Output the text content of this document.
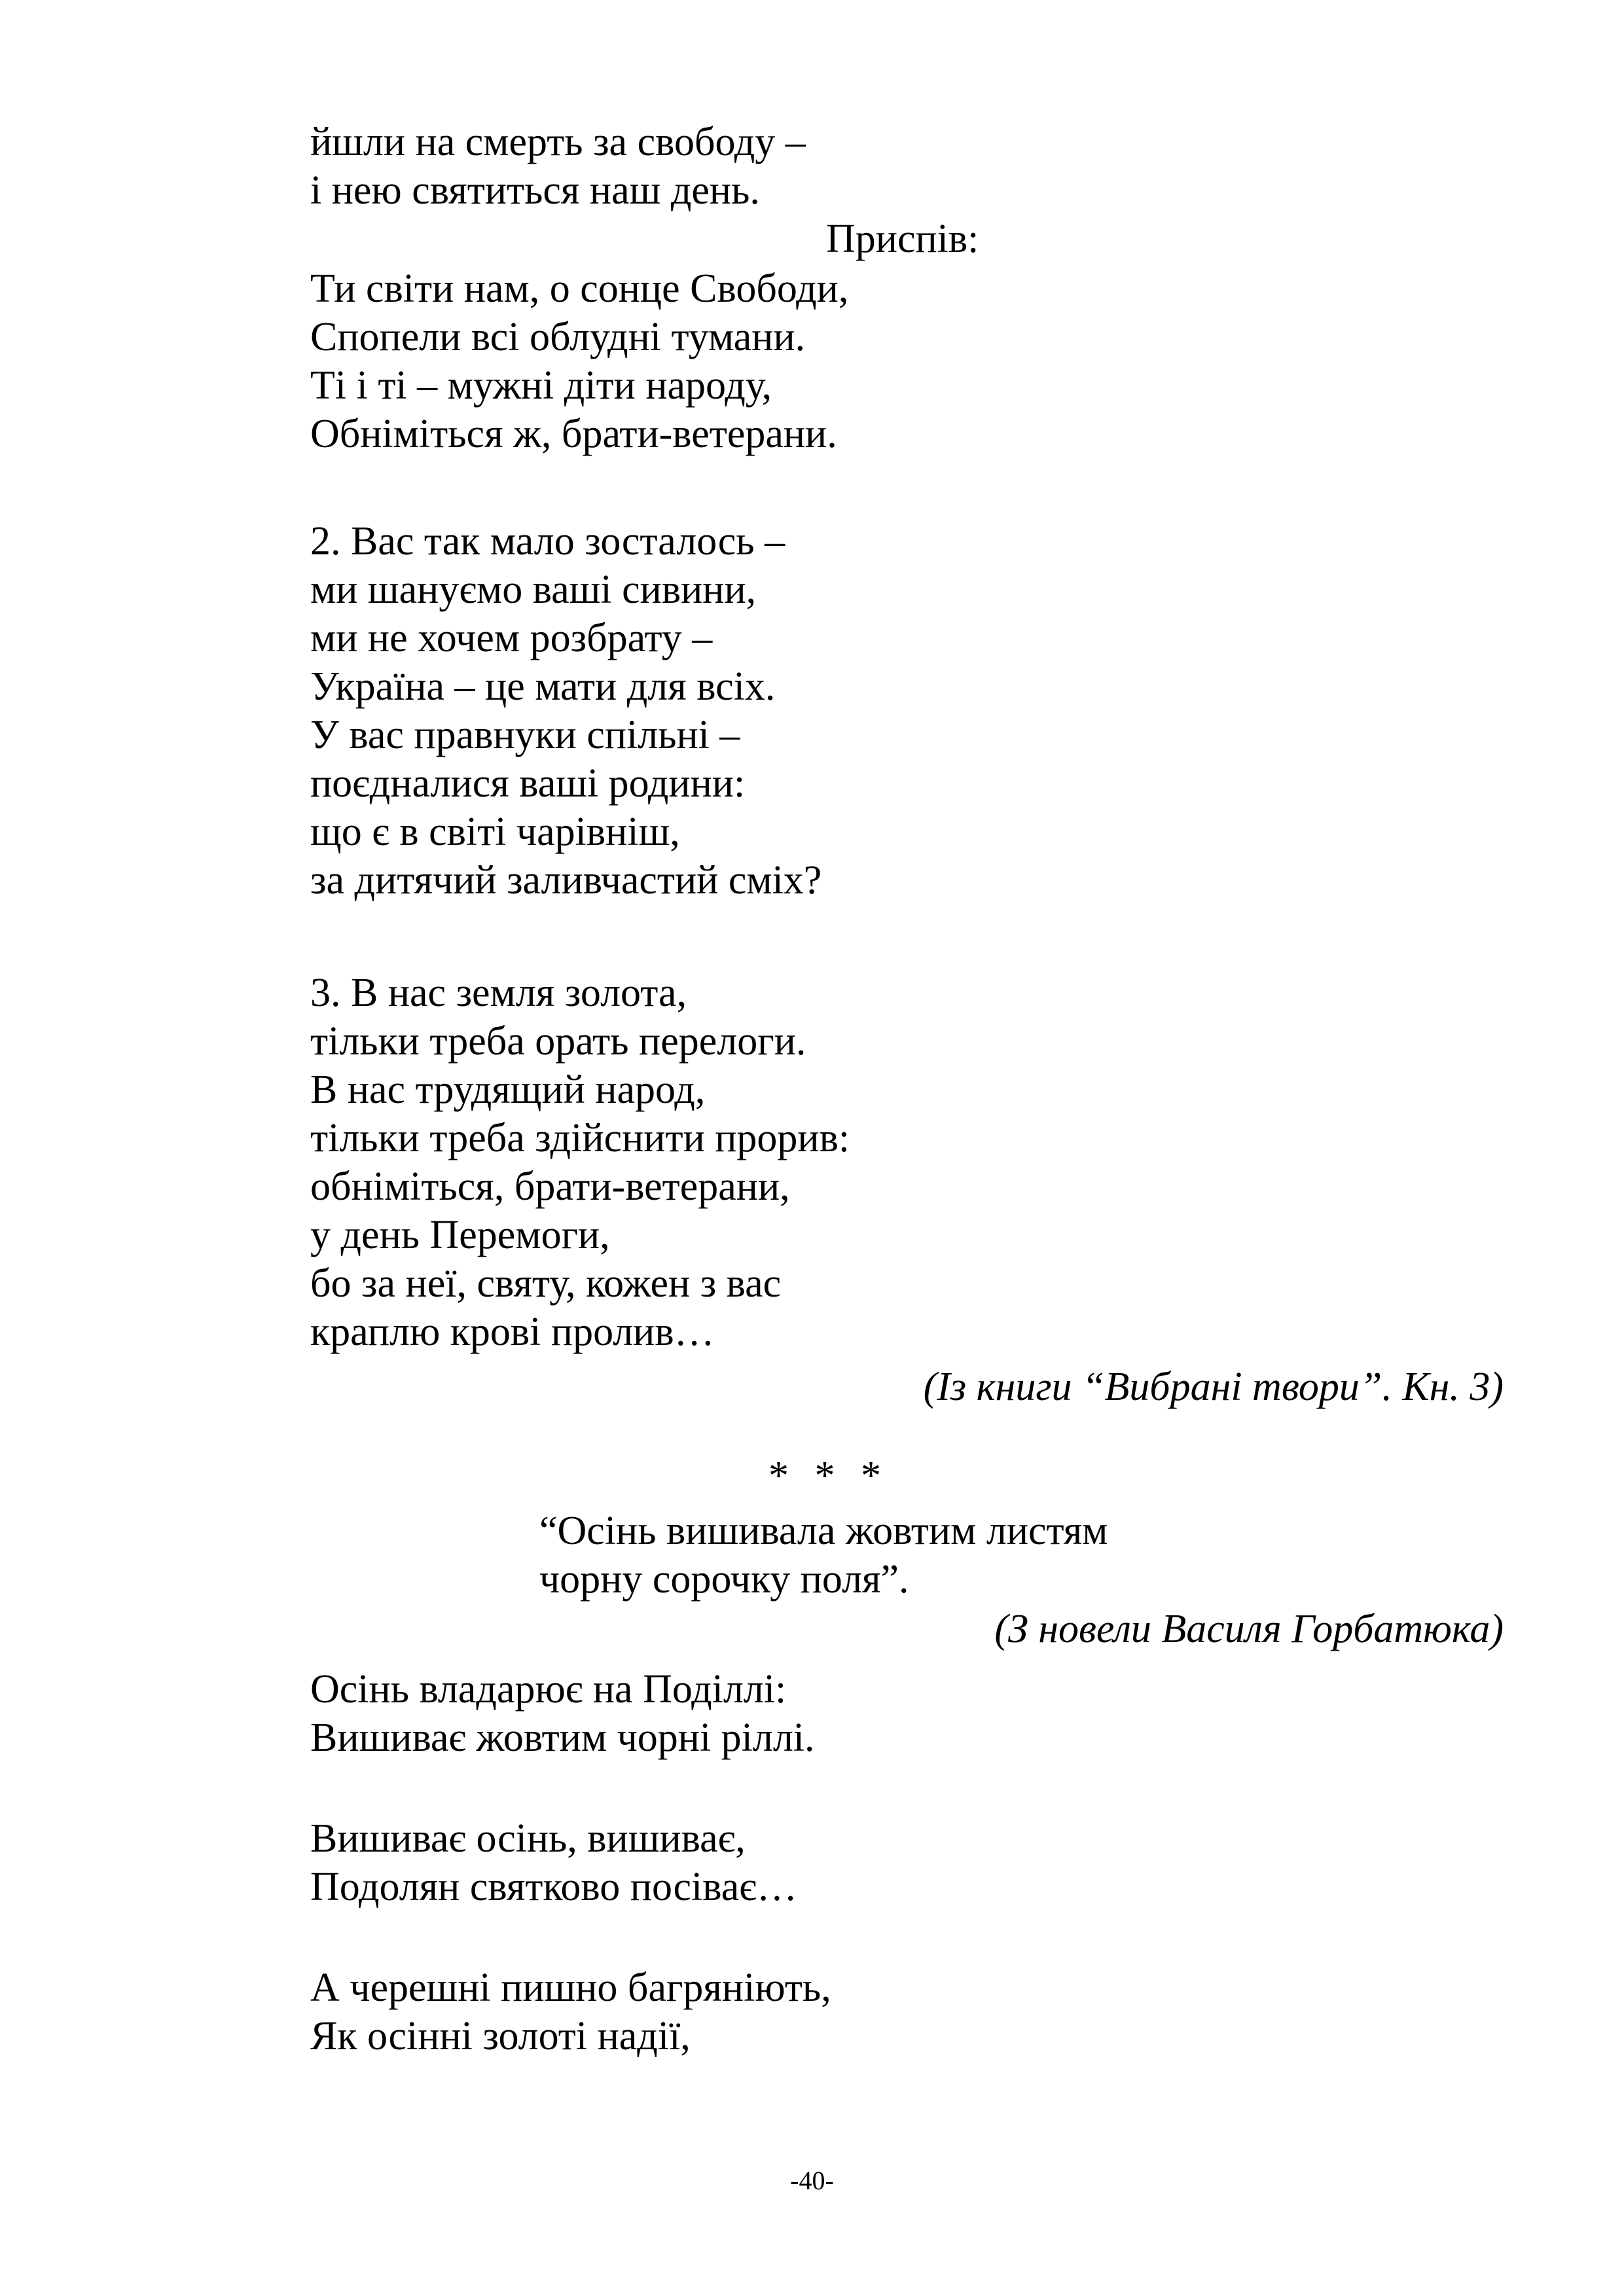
йшли на смерть за свободу –
і нею святиться наш день.
Приспів:
Ти світи нам, о сонце Свободи,
Спопели всі облудні тумани.
Ті і ті – мужні діти народу,
Обніміться ж, брати-ветерани.
2. Вас так мало зосталось –
ми шануємо ваші сивини,
ми не хочем розбрату –
Україна – це мати для всіх.
У вас правнуки спільні –
поєдналися ваші родини:
що є в світі чарівніш,
за дитячий заливчастий сміх?
3. В нас земля золота,
тільки треба орать перелоги.
В нас трудящий народ,
тільки треба здійснити прорив:
обніміться, брати-ветерани,
у день Перемоги,
бо за неї, святу, кожен з вас
краплю крові пролив…
(Із книги “Вибрані твори”. Кн. 3)
* * *
“Осінь вишивала жовтим листям
чорну сорочку поля”.
(З новели Василя Горбатюка)
Осінь владарює на Поділлі:
Вишиває жовтим чорні ріллі.
Вишиває осінь, вишиває,
Подолян святково посіває…
А черешні пишно багряніють,
Як осінні золоті надії,
-40-
